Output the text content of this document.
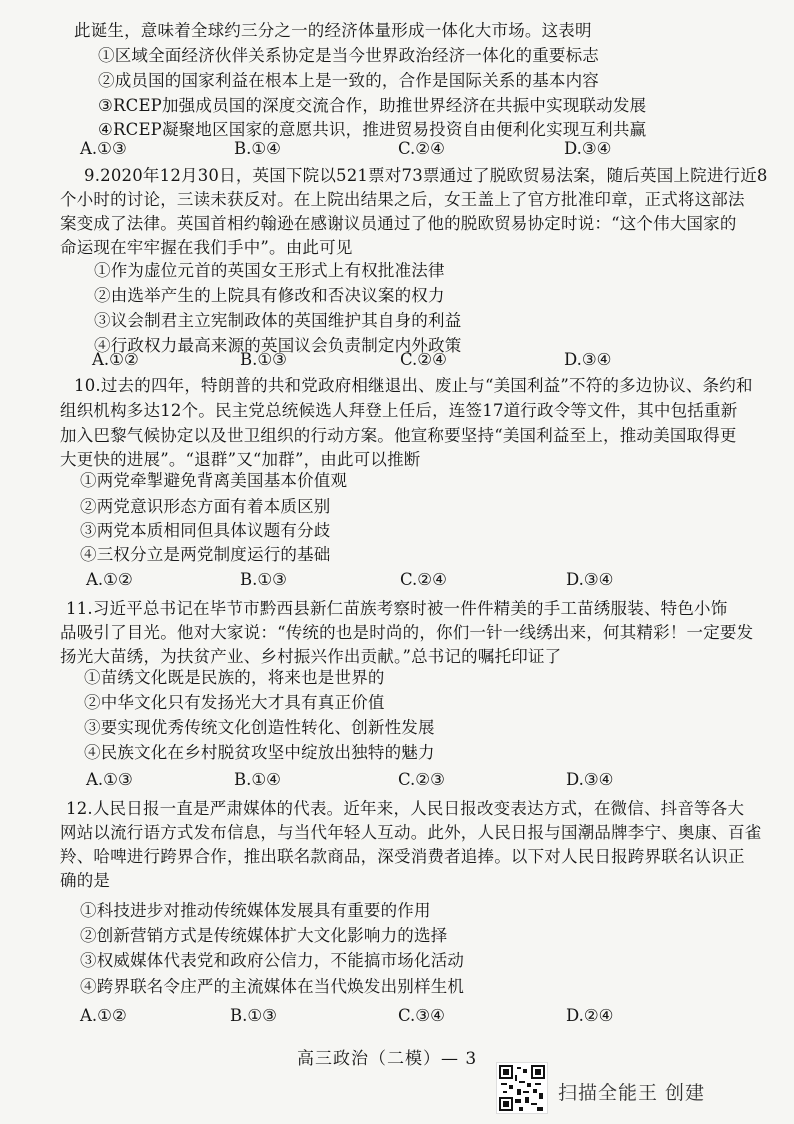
此诞生，意味着全球约三分之一的经济体量形成一体化大市场。这表明
①区域全面经济伙伴关系协定是当今世界政治经济一体化的重要标志
②成员国的国家利益在根本上是一致的，合作是国际关系的基本内容
③RCEP加强成员国的深度交流合作，助推世界经济在共振中实现联动发展
④RCEP凝聚地区国家的意愿共识，推进贸易投资自由便利化实现互利共赢
A.①③	B.①④	C.②④	D.③④
9.2020年12月30日，英国下院以521票对73票通过了脱欧贸易法案，随后英国上院进行近8
个小时的讨论，三读未获反对。在上院出结果之后，女王盖上了官方批准印章，正式将这部法
案变成了法律。英国首相约翰逊在感谢议员通过了他的脱欧贸易协定时说：“这个伟大国家的
命运现在牢牢握在我们手中”。由此可见
①作为虚位元首的英国女王形式上有权批准法律
②由选举产生的上院具有修改和否决议案的权力
③议会制君主立宪制政体的英国维护其自身的利益
④行政权力最高来源的英国议会负责制定内外政策
A.①②	B.①③	C.②④	D.③④
10.过去的四年，特朗普的共和党政府相继退出、废止与“美国利益”不符的多边协议、条约和
组织机构多达12个。民主党总统候选人拜登上任后，连签17道行政令等文件，其中包括重新
加入巴黎气候协定以及世卫组织的行动方案。他宣称要坚持“美国利益至上，推动美国取得更
大更快的进展”。“退群”又“加群”，由此可以推断
①两党牵掣避免背离美国基本价值观
②两党意识形态方面有着本质区别
③两党本质相同但具体议题有分歧
④三权分立是两党制度运行的基础
A.①②	B.①③	C.②④	D.③④
11.习近平总书记在毕节市黔西县新仁苗族考察时被一件件精美的手工苗绣服装、特色小饰
品吸引了目光。他对大家说：“传统的也是时尚的，你们一针一线绣出来，何其精彩！一定要发
扬光大苗绣，为扶贫产业、乡村振兴作出贡献。”总书记的嘱托印证了
①苗绣文化既是民族的，将来也是世界的
②中华文化只有发扬光大才具有真正价值
③要实现优秀传统文化创造性转化、创新性发展
④民族文化在乡村脱贫攻坚中绽放出独特的魅力
A.①③	B.①④	C.②③	D.③④
12.人民日报一直是严肃媒体的代表。近年来，人民日报改变表达方式，在微信、抖音等各大
网站以流行语方式发布信息，与当代年轻人互动。此外，人民日报与国潮品牌李宁、奥康、百雀
羚、哈啤进行跨界合作，推出联名款商品，深受消费者追捧。以下对人民日报跨界联名认识正
确的是
①科技进步对推动传统媒体发展具有重要的作用
②创新营销方式是传统媒体扩大文化影响力的选择
③权威媒体代表党和政府公信力，不能搞市场化活动
④跨界联名令庄严的主流媒体在当代焕发出别样生机
A.①②	B.①③	C.③④	D.②④
高三政治（二模）— 3
扫描全能王 创建
